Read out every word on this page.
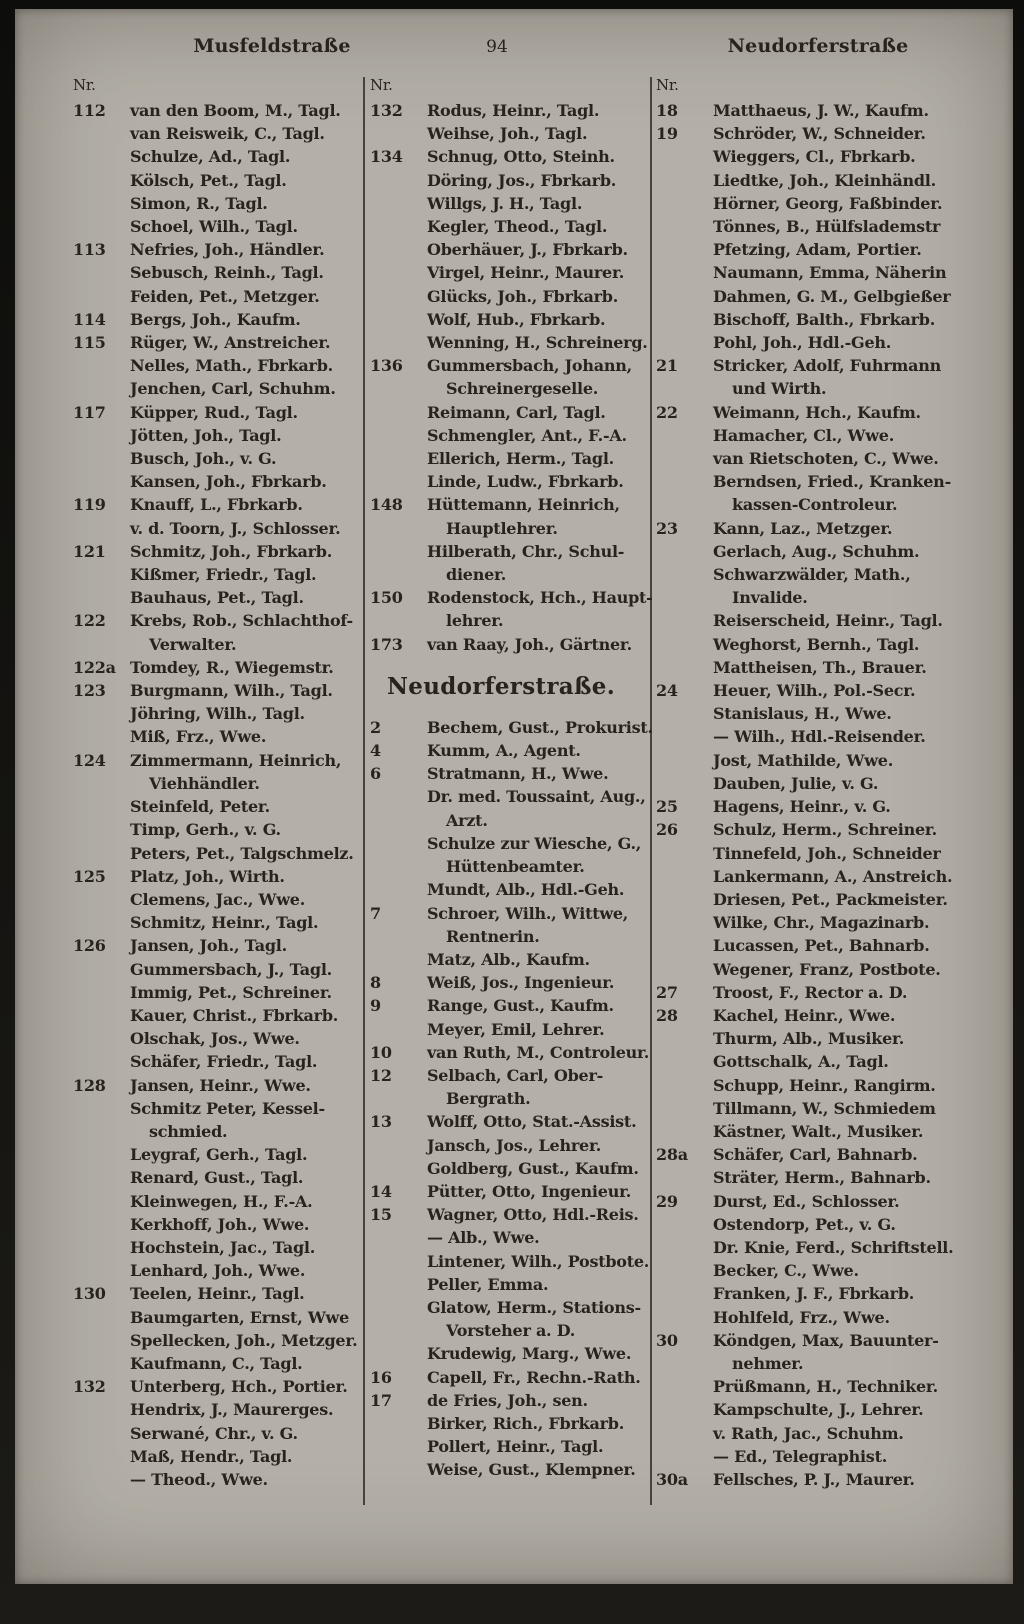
Musfeldstraße	94	Neudorferstraße
Nr.
112 van den Boom, M., Tagl.
van Reisweik, C., Tagl.
Schulze, Ad., Tagl.
Kölsch, Pet., Tagl.
Simon, R., Tagl.
Schoel, Wilh., Tagl.
113 Nefries, Joh., Händler.
Sebusch, Reinh., Tagl.
Feiden, Pet., Metzger.
114 Bergs, Joh., Kaufm.
115 Rüger, W., Anstreicher.
Nelles, Math., Fbrkarb.
Jenchen, Carl, Schuhm.
117 Küpper, Rud., Tagl.
Jötten, Joh., Tagl.
Busch, Joh., v. G.
Kansen, Joh., Fbrkarb.
119 Knauff, L., Fbrkarb.
v. d. Toorn, J., Schlosser.
121 Schmitz, Joh., Fbrkarb.
Kißmer, Friedr., Tagl.
Bauhaus, Pet., Tagl.
122 Krebs, Rob., Schlachthof-
Verwalter.
122a Tomdey, R., Wiegemstr.
123 Burgmann, Wilh., Tagl.
Jöhring, Wilh., Tagl.
Miß, Frz., Wwe.
124 Zimmermann, Heinrich,
Viehhändler.
Steinfeld, Peter.
Timp, Gerh., v. G.
Peters, Pet., Talgschmelz.
125 Platz, Joh., Wirth.
Clemens, Jac., Wwe.
Schmitz, Heinr., Tagl.
126 Jansen, Joh., Tagl.
Gummersbach, J., Tagl.
Immig, Pet., Schreiner.
Kauer, Christ., Fbrkarb.
Olschak, Jos., Wwe.
Schäfer, Friedr., Tagl.
128 Jansen, Heinr., Wwe.
Schmitz Peter, Kessel-
schmied.
Leygraf, Gerh., Tagl.
Renard, Gust., Tagl.
Kleinwegen, H., F.-A.
Kerkhoff, Joh., Wwe.
Hochstein, Jac., Tagl.
Lenhard, Joh., Wwe.
130 Teelen, Heinr., Tagl.
Baumgarten, Ernst, Wwe
Spellecken, Joh., Metzger.
Kaufmann, C., Tagl.
132 Unterberg, Hch., Portier.
Hendrix, J., Maurerges.
Serwané, Chr., v. G.
Maß, Hendr., Tagl.
— Theod., Wwe.
Nr.
132 Rodus, Heinr., Tagl.
Weihse, Joh., Tagl.
134 Schnug, Otto, Steinh.
Döring, Jos., Fbrkarb.
Willgs, J. H., Tagl.
Kegler, Theod., Tagl.
Oberhäuer, J., Fbrkarb.
Virgel, Heinr., Maurer.
Glücks, Joh., Fbrkarb.
Wolf, Hub., Fbrkarb.
Wenning, H., Schreinerg.
136 Gummersbach, Johann,
Schreinergeselle.
Reimann, Carl, Tagl.
Schmengler, Ant., F.-A.
Ellerich, Herm., Tagl.
Linde, Ludw., Fbrkarb.
148 Hüttemann, Heinrich,
Hauptlehrer.
Hilberath, Chr., Schul-
diener.
150 Rodenstock, Hch., Haupt-
lehrer.
173 van Raay, Joh., Gärtner.
Neudorferstraße.
2	Bechem, Gust., Prokurist.
4	Kumm, A., Agent.
6	Stratmann, H., Wwe.
Dr. med. Toussaint, Aug.,
Arzt.
Schulze zur Wiesche, G.,
Hüttenbeamter.
Mundt, Alb., Hdl.-Geh.
7	Schroer, Wilh., Wittwe,
Rentnerin.
Matz, Alb., Kaufm.
8	Weiß, Jos., Ingenieur.
9	Range, Gust., Kaufm.
Meyer, Emil, Lehrer.
10 van Ruth, M., Controleur.
12 Selbach, Carl, Ober-
Bergrath.
13 Wolff, Otto, Stat.-Assist.
Jansch, Jos., Lehrer.
Goldberg, Gust., Kaufm.
14 Pütter, Otto, Ingenieur.
15 Wagner, Otto, Hdl.-Reis.
— Alb., Wwe.
Lintener, Wilh., Postbote.
Peller, Emma.
Glatow, Herm., Stations-
Vorsteher a. D.
Krudewig, Marg., Wwe.
16 Capell, Fr., Rechn.-Rath.
17 de Fries, Joh., sen.
Birker, Rich., Fbrkarb.
Pollert, Heinr., Tagl.
Weise, Gust., Klempner.
Nr.
18 Matthaeus, J. W., Kaufm.
19 Schröder, W., Schneider.
Wieggers, Cl., Fbrkarb.
Liedtke, Joh., Kleinhändl.
Hörner, Georg, Faßbinder.
Tönnes, B., Hülfslademstr
Pfetzing, Adam, Portier.
Naumann, Emma, Näherin
Dahmen, G. M., Gelbgießer
Bischoff, Balth., Fbrkarb.
Pohl, Joh., Hdl.-Geh.
21 Stricker, Adolf, Fuhrmann
und Wirth.
22 Weimann, Hch., Kaufm.
Hamacher, Cl., Wwe.
van Rietschoten, C., Wwe.
Berndsen, Fried., Kranken-
kassen-Controleur.
23 Kann, Laz., Metzger.
Gerlach, Aug., Schuhm.
Schwarzwälder, Math.,
Invalide.
Reiserscheid, Heinr., Tagl.
Weghorst, Bernh., Tagl.
Mattheisen, Th., Brauer.
24 Heuer, Wilh., Pol.-Secr.
Stanislaus, H., Wwe.
— Wilh., Hdl.-Reisender.
Jost, Mathilde, Wwe.
Dauben, Julie, v. G.
25 Hagens, Heinr., v. G.
26 Schulz, Herm., Schreiner.
Tinnefeld, Joh., Schneider
Lankermann, A., Anstreich.
Driesen, Pet., Packmeister.
Wilke, Chr., Magazinarb.
Lucassen, Pet., Bahnarb.
Wegener, Franz, Postbote.
27 Troost, F., Rector a. D.
28 Kachel, Heinr., Wwe.
Thurm, Alb., Musiker.
Gottschalk, A., Tagl.
Schupp, Heinr., Rangirm.
Tillmann, W., Schmiedem
Kästner, Walt., Musiker.
28a Schäfer, Carl, Bahnarb.
Sträter, Herm., Bahnarb.
29 Durst, Ed., Schlosser.
Ostendorp, Pet., v. G.
Dr. Knie, Ferd., Schriftstell.
Becker, C., Wwe.
Franken, J. F., Fbrkarb.
Hohlfeld, Frz., Wwe.
30 Köndgen, Max, Bauunter-
nehmer.
Prüßmann, H., Techniker.
Kampschulte, J., Lehrer.
v. Rath, Jac., Schuhm.
— Ed., Telegraphist.
30a Fellsches, P. J., Maurer.
